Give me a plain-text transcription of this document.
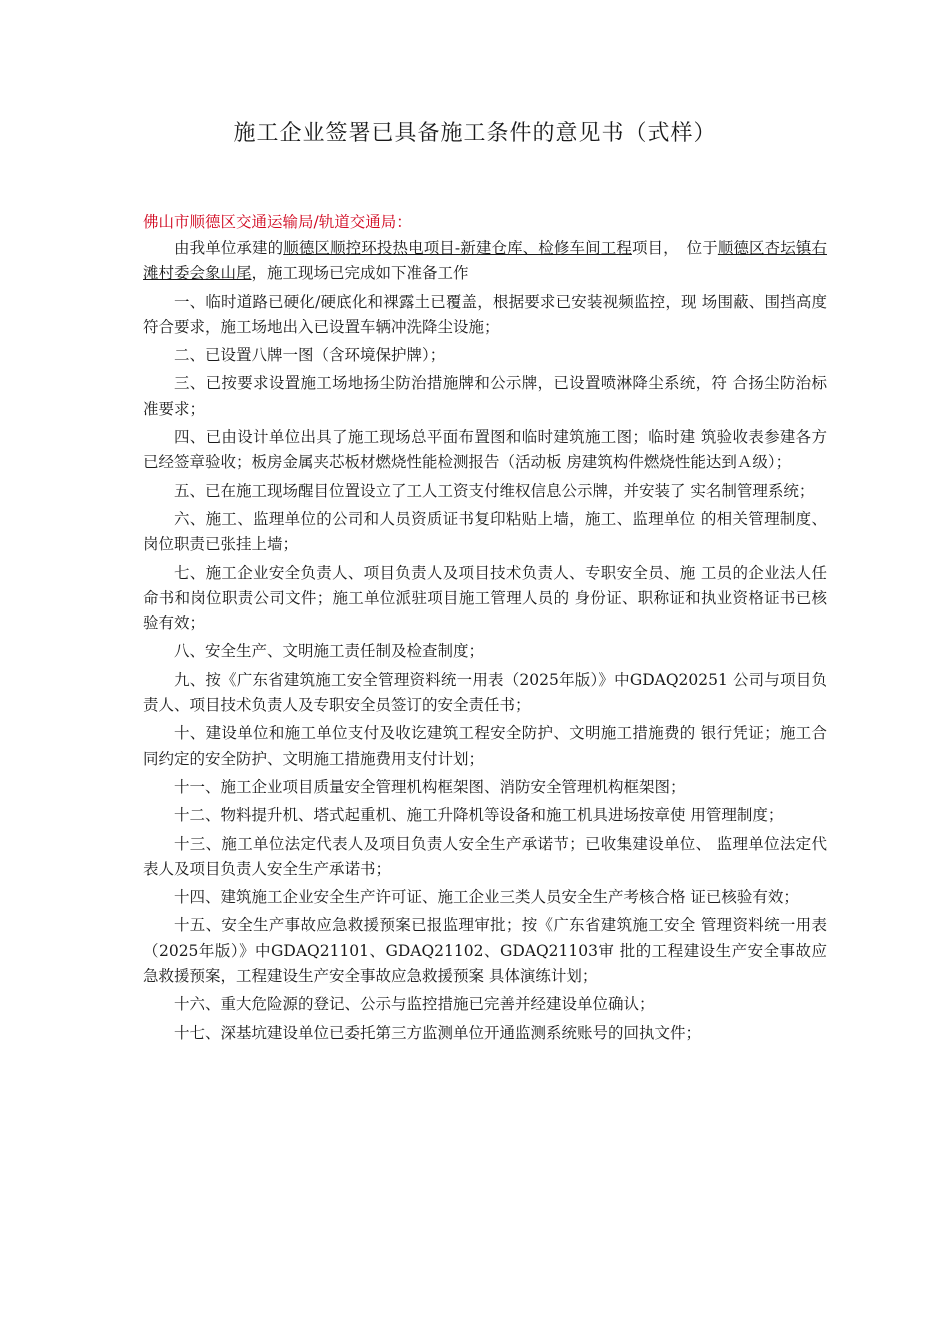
施工企业签署已具备施工条件的意见书（式样）
佛山市顺德区交通运输局/轨道交通局：

由我单位承建的顺德区顺控环投热电项目-新建仓库、检修车间工程项目，　位于顺德区杏坛镇右滩村委会象山尾，施工现场已完成如下准备工作

一、临时道路已硬化/硬底化和裸露土已覆盖，根据要求已安装视频监控，现 场围蔽、围挡高度符合要求，施工场地出入已设置车辆冲洗降尘设施；

二、已设置八牌一图（含环境保护牌）；

三、已按要求设置施工场地扬尘防治措施牌和公示牌，已设置喷淋降尘系统，符 合扬尘防治标准要求；

四、已由设计单位出具了施工现场总平面布置图和临时建筑施工图；临时建 筑验收表参建各方已经签章验收；板房金属夹芯板材燃烧性能检测报告（活动板 房建筑构件燃烧性能达到Ａ级）；

五、已在施工现场醒目位置设立了工人工资支付维权信息公示牌，并安装了 实名制管理系统；

六、施工、监理单位的公司和人员资质证书复印粘贴上墙，施工、监理单位 的相关管理制度、岗位职责已张挂上墙；

七、施工企业安全负责人、项目负责人及项目技术负责人、专职安全员、施 工员的企业法人任命书和岗位职责公司文件；施工单位派驻项目施工管理人员的 身份证、职称证和执业资格证书已核验有效；

八、安全生产、文明施工责任制及检查制度；

九、按《广东省建筑施工安全管理资料统一用表（2025年版）》中GDAQ20251 公司与项目负责人、项目技术负责人及专职安全员签订的安全责任书；

十、建设单位和施工单位支付及收讫建筑工程安全防护、文明施工措施费的 银行凭证；施工合同约定的安全防护、文明施工措施费用支付计划；

十一、施工企业项目质量安全管理机构框架图、消防安全管理机构框架图；

十二、物料提升机、塔式起重机、施工升降机等设备和施工机具进场按章使 用管理制度；

十三、施工单位法定代表人及项目负责人安全生产承诺节；已收集建设单位、 监理单位法定代表人及项目负责人安全生产承诺书；

十四、建筑施工企业安全生产许可证、施工企业三类人员安全生产考核合格 证已核验有效；

十五、安全生产事故应急救援预案已报监理审批；按《广东省建筑施工安全 管理资料统一用表（2025年版）》中GDAQ21101、GDAQ21102、GDAQ21103审 批的工程建设生产安全事故应急救援预案，工程建设生产安全事故应急救援预案 具体演练计划；

十六、重大危险源的登记、公示与监控措施已完善并经建设单位确认；

十七、深基坑建设单位已委托第三方监测单位开通监测系统账号的回执文件；
